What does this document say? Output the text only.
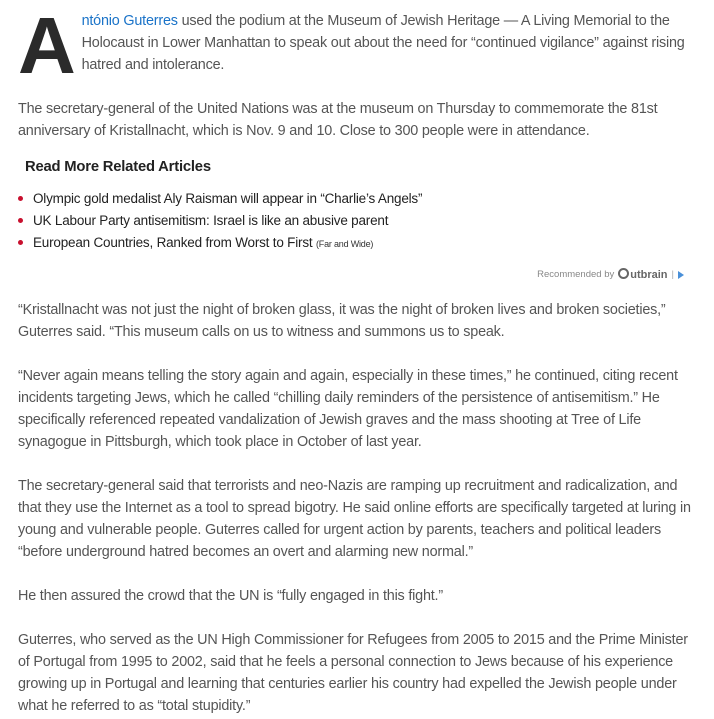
António Guterres used the podium at the Museum of Jewish Heritage — A Living Memorial to the Holocaust in Lower Manhattan to speak out about the need for “continued vigilance” against rising hatred and intolerance.

The secretary-general of the United Nations was at the museum on Thursday to commemorate the 81st anniversary of Kristallnacht, which is Nov. 9 and 10. Close to 300 people were in attendance.

Read More Related Articles
Olympic gold medalist Aly Raisman will appear in “Charlie’s Angels”
UK Labour Party antisemitism: Israel is like an abusive parent
European Countries, Ranked from Worst to First (Far and Wide)
Recommended by	utbrain |

“Kristallnacht was not just the night of broken glass, it was the night of broken lives and broken societies,” Guterres said. “This museum calls on us to witness and summons us to speak.

“Never again means telling the story again and again, especially in these times,” he continued, citing recent incidents targeting Jews, which he called “chilling daily reminders of the persistence of antisemitism.” He specifically referenced repeated vandalization of Jewish graves and the mass shooting at Tree of Life synagogue in Pittsburgh, which took place in October of last year.

The secretary-general said that terrorists and neo-Nazis are ramping up recruitment and radicalization, and that they use the Internet as a tool to spread bigotry. He said online efforts are specifically targeted at luring in young and vulnerable people. Guterres called for urgent action by parents, teachers and political leaders “before underground hatred becomes an overt and alarming new normal.”

He then assured the crowd that the UN is “fully engaged in this fight.”

Guterres, who served as the UN High Commissioner for Refugees from 2005 to 2015 and the Prime Minister of Portugal from 1995 to 2002, said that he feels a personal connection to Jews because of his experience growing up in Portugal and learning that centuries earlier his country had expelled the Jewish people under what he referred to as “total stupidity.”
